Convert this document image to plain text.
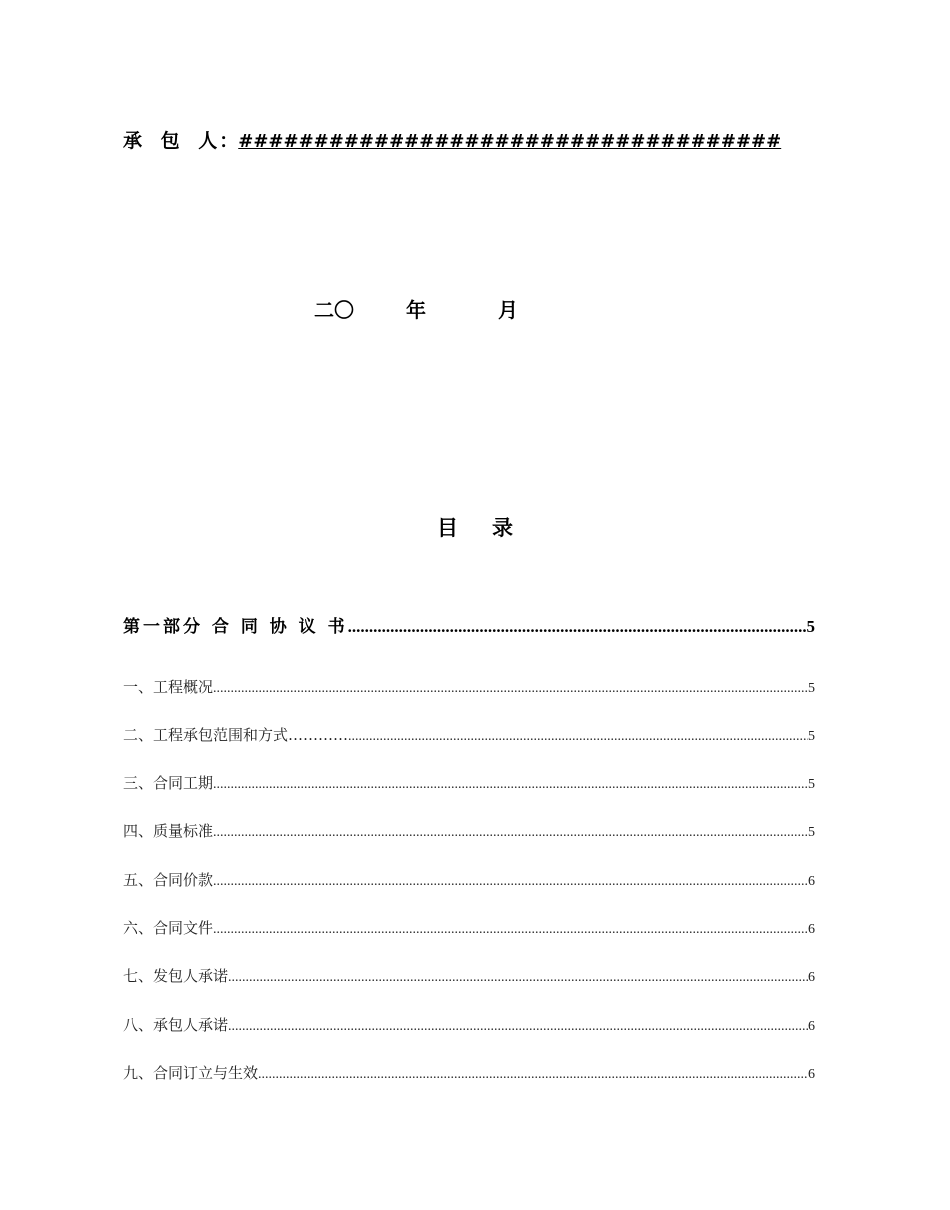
承 包 人：####################################
二〇	年	月
目录
第一部分 合 同 协 议 书 .....	5
一、工程概况 .....	5
二、工程承包范围和方式………… .....	5
三、合同工期 .....	5
四、质量标准 .....	5
五、合同价款 .....	6
六、合同文件 .....	6
七、发包人承诺 .....	6
八、承包人承诺 .....	6
九、合同订立与生效 .....	6
